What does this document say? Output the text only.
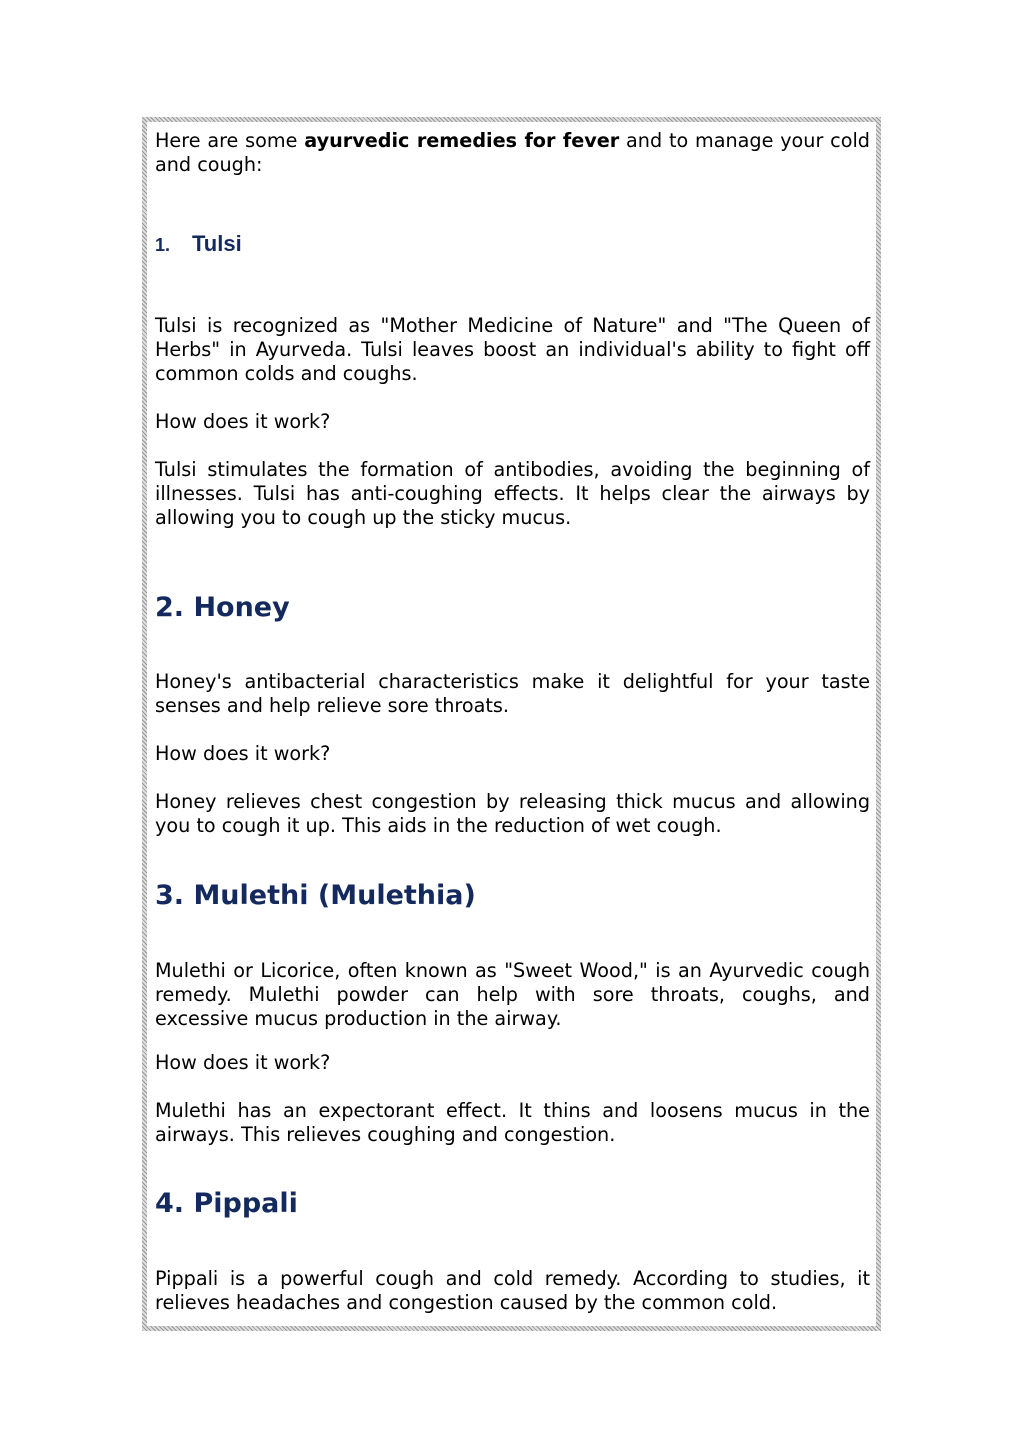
Here are some ayurvedic remedies for fever and to manage your cold and cough:

1. Tulsi

Tulsi is recognized as "Mother Medicine of Nature" and "The Queen of Herbs" in Ayurveda. Tulsi leaves boost an individual's ability to fight off common colds and coughs.

How does it work?

Tulsi stimulates the formation of antibodies, avoiding the beginning of illnesses. Tulsi has anti-coughing effects. It helps clear the airways by allowing you to cough up the sticky mucus.

2. Honey

Honey's antibacterial characteristics make it delightful for your taste senses and help relieve sore throats.

How does it work?

Honey relieves chest congestion by releasing thick mucus and allowing you to cough it up. This aids in the reduction of wet cough.

3. Mulethi (Mulethia)

Mulethi or Licorice, often known as "Sweet Wood," is an Ayurvedic cough remedy. Mulethi powder can help with sore throats, coughs, and excessive mucus production in the airway.

How does it work?

Mulethi has an expectorant effect. It thins and loosens mucus in the airways. This relieves coughing and congestion.

4. Pippali

Pippali is a powerful cough and cold remedy. According to studies, it relieves headaches and congestion caused by the common cold.
